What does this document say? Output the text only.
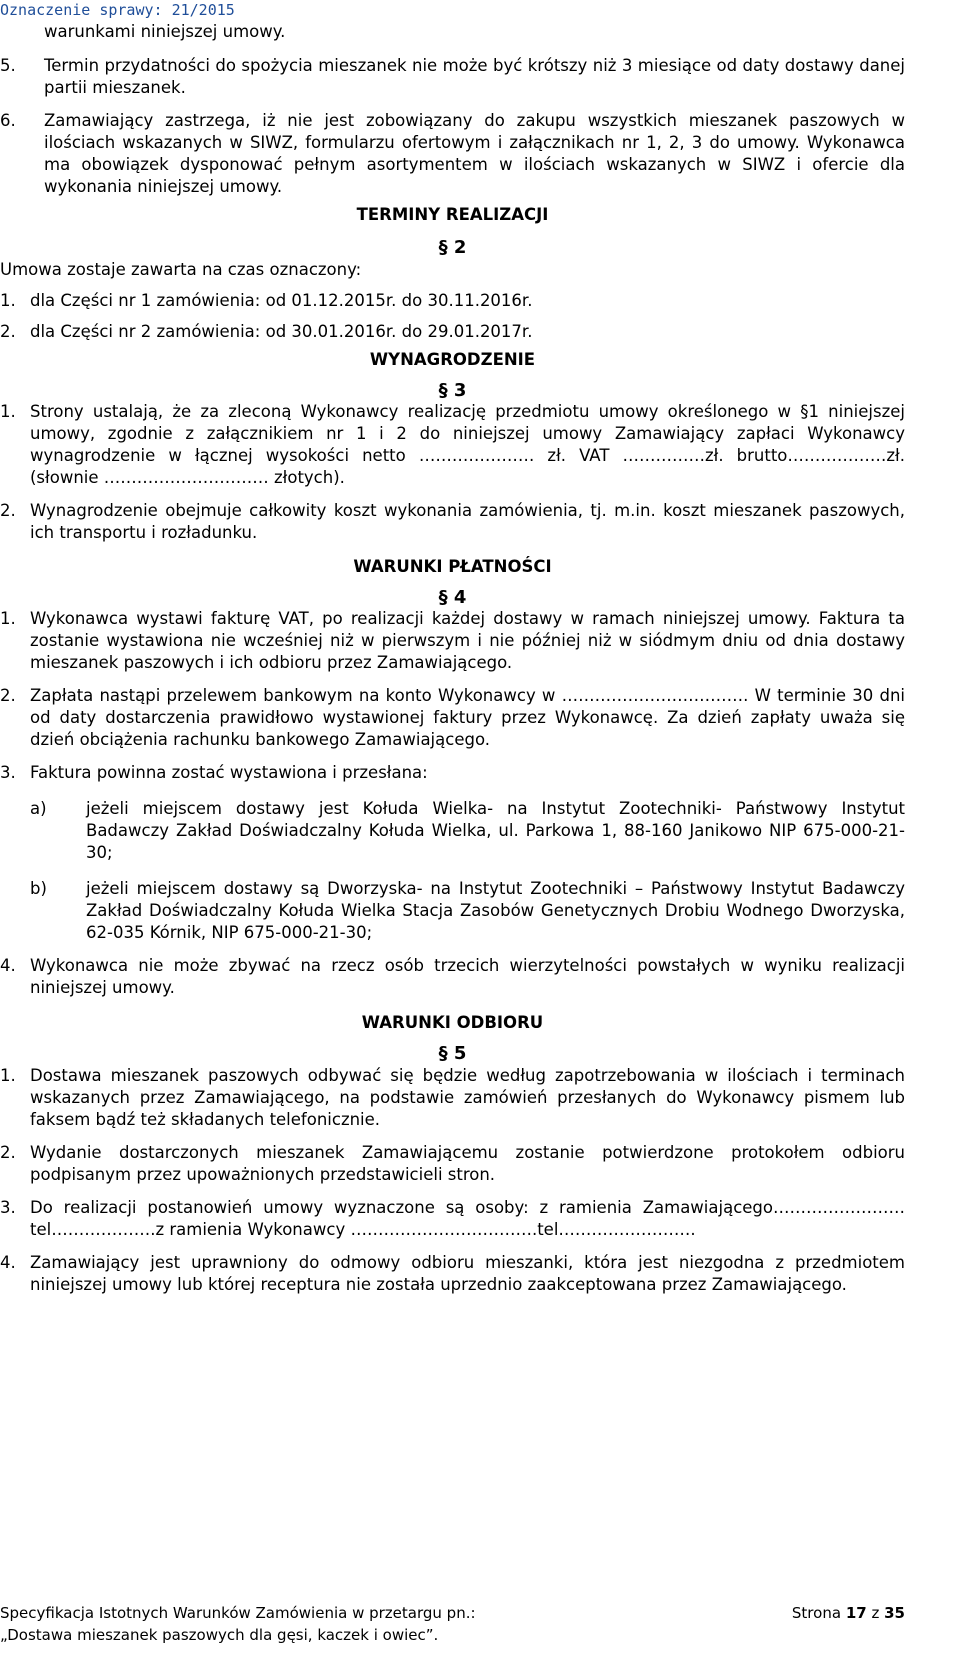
Oznaczenie sprawy: 21/2015

warunkami niniejszej umowy.

5.	Termin przydatności do spożycia mieszanek nie może być krótszy niż 3 miesiące od daty dostawy danej partii mieszanek.
6.	Zamawiający zastrzega, iż nie jest zobowiązany do zakupu wszystkich mieszanek paszowych w ilościach wskazanych w SIWZ, formularzu ofertowym i załącznikach nr 1, 2, 3 do umowy. Wykonawca ma obowiązek dysponować pełnym asortymentem w ilościach wskazanych w SIWZ i ofercie dla wykonania niniejszej umowy.

TERMINY REALIZACJI

§ 2

Umowa zostaje zawarta na czas oznaczony:

1. dla Części nr 1 zamówienia: od 01.12.2015r. do 30.11.2016r.
2. dla Części nr 2 zamówienia: od 30.01.2016r. do 29.01.2017r.

WYNAGRODZENIE

§ 3

1. Strony ustalają, że za zleconą Wykonawcy realizację przedmiotu umowy określonego w §1 niniejszej umowy, zgodnie z załącznikiem nr 1 i 2 do niniejszej umowy Zamawiający zapłaci Wykonawcy wynagrodzenie w łącznej wysokości netto ………………… zł. VAT ……………zł. brutto………………zł. (słownie ………………………… złotych).
2. Wynagrodzenie obejmuje całkowity koszt wykonania zamówienia, tj. m.in. koszt mieszanek paszowych, ich transportu i rozładunku.

WARUNKI PŁATNOŚCI

§ 4

1. Wykonawca wystawi fakturę VAT, po realizacji każdej dostawy w ramach niniejszej umowy. Faktura ta zostanie wystawiona nie wcześniej niż w pierwszym i nie później niż w siódmym dniu od dnia dostawy mieszanek paszowych i ich odbioru przez Zamawiającego.
2. Zapłata nastąpi przelewem bankowym na konto Wykonawcy w ……………………………. W terminie 30 dni od daty dostarczenia prawidłowo wystawionej faktury przez Wykonawcę. Za dzień zapłaty uważa się dzień obciążenia rachunku bankowego Zamawiającego.
3. Faktura powinna zostać wystawiona i przesłana:
a)	jeżeli miejscem dostawy jest Kołuda Wielka- na Instytut Zootechniki- Państwowy Instytut Badawczy Zakład Doświadczalny Kołuda Wielka, ul. Parkowa 1, 88-160 Janikowo NIP 675-000-21-30;
b)	jeżeli miejscem dostawy są Dworzyska- na Instytut Zootechniki – Państwowy Instytut Badawczy Zakład Doświadczalny Kołuda Wielka Stacja Zasobów Genetycznych Drobiu Wodnego Dworzyska, 62-035 Kórnik, NIP 675-000-21-30;
4. Wykonawca nie może zbywać na rzecz osób trzecich wierzytelności powstałych w wyniku realizacji niniejszej umowy.

WARUNKI ODBIORU

§ 5

1. Dostawa mieszanek paszowych odbywać się będzie według zapotrzebowania w ilościach i terminach wskazanych przez Zamawiającego, na podstawie zamówień przesłanych do Wykonawcy pismem lub faksem bądź też składanych telefonicznie.
2. Wydanie dostarczonych mieszanek Zamawiającemu zostanie potwierdzone protokołem odbioru podpisanym przez upoważnionych przedstawicieli stron.
3. Do realizacji postanowień umowy wyznaczone są osoby: z ramienia Zamawiającego……………………tel……………….z ramienia Wykonawcy …………………………….tel…………………….
4. Zamawiający jest uprawniony do odmowy odbioru mieszanki, która jest niezgodna z przedmiotem niniejszej umowy lub której receptura nie została uprzednio zaakceptowana przez Zamawiającego.
Specyfikacja Istotnych Warunków Zamówienia w przetargu pn.:	Strona 17 z 35
„Dostawa mieszanek paszowych dla gęsi, kaczek i owiec”.
